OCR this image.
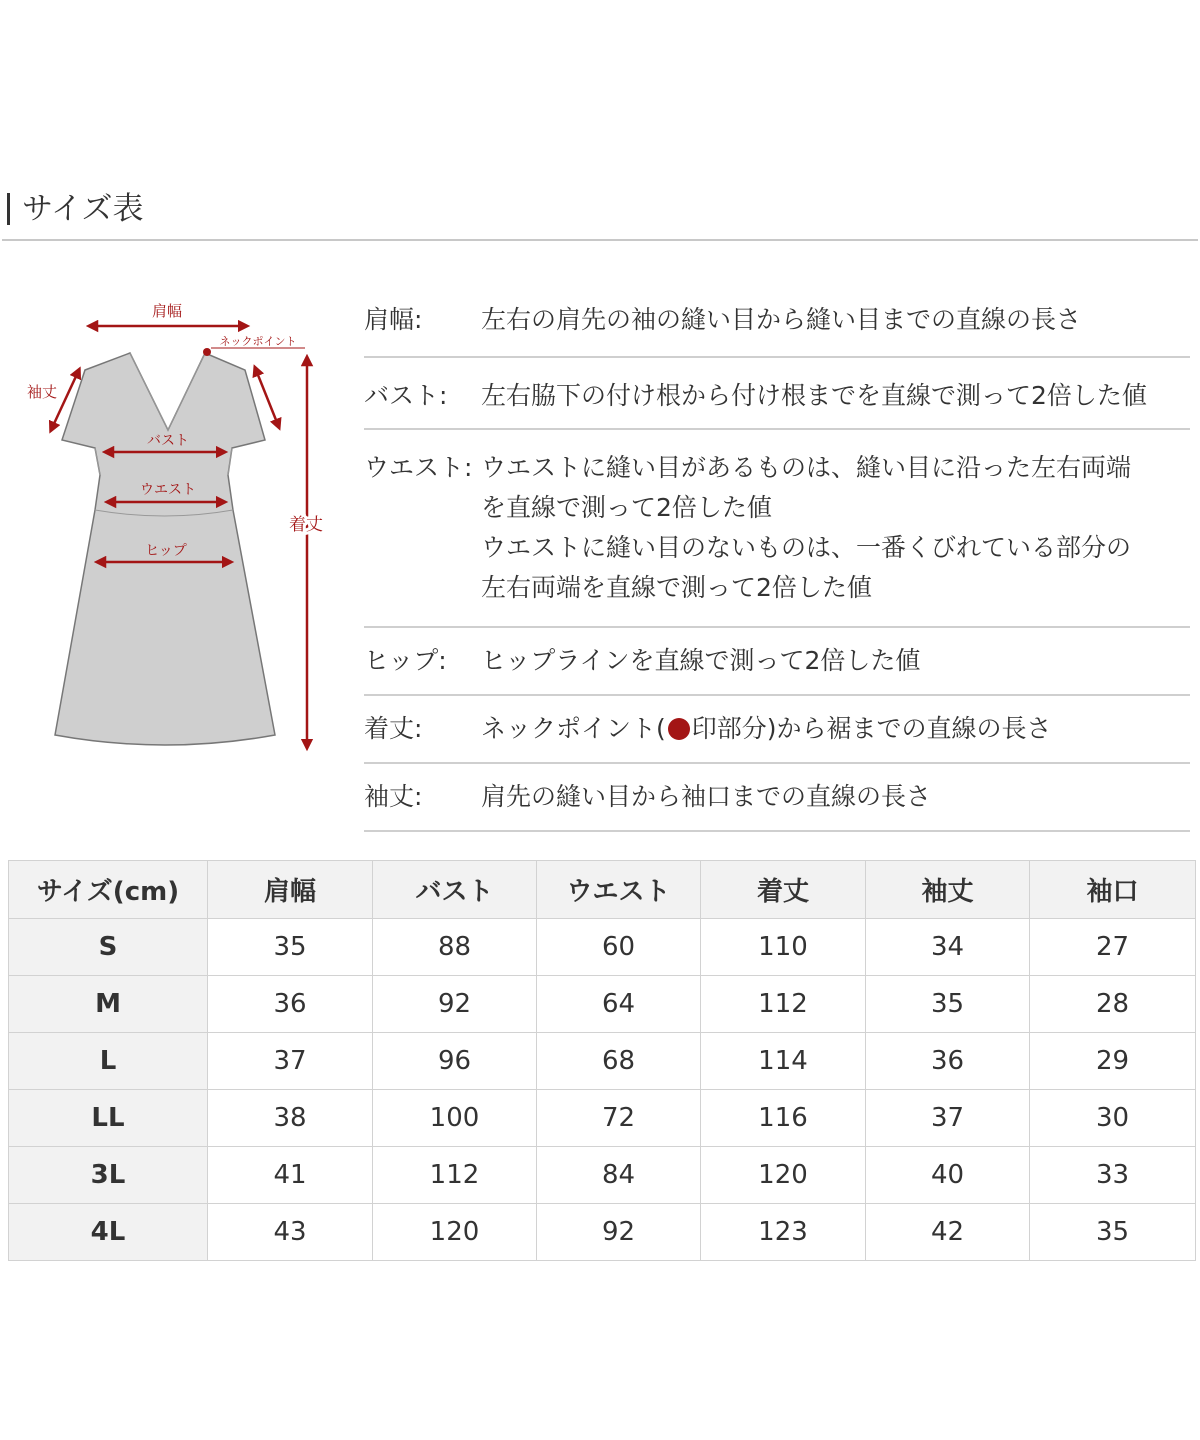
サイズ表
肩幅
ネックポイント
袖丈
バスト
ウエスト
ヒップ
着丈
肩幅:	左右の肩先の袖の縫い目から縫い目までの直線の長さ
バスト:	左右脇下の付け根から付け根までを直線で測って2倍した値
ウエスト: ウエストに縫い目があるものは、縫い目に沿った左右両端
を直線で測って2倍した値
ウエストに縫い目のないものは、一番くびれている部分の
左右両端を直線で測って2倍した値
ヒップ:	ヒップラインを直線で測って2倍した値
着丈:	ネックポイント( 印部分)から裾までの直線の長さ
袖丈:	肩先の縫い目から袖口までの直線の長さ
サイズ(cm)	肩幅	バスト	ウエスト	着丈	袖丈	袖口
S	35	88	60	110	34	27
M	36	92	64	112	35	28
L	37	96	68	114	36	29
LL	38	100	72	116	37	30
3L	41	112	84	120	40	33
4L	43	120	92	123	42	35
